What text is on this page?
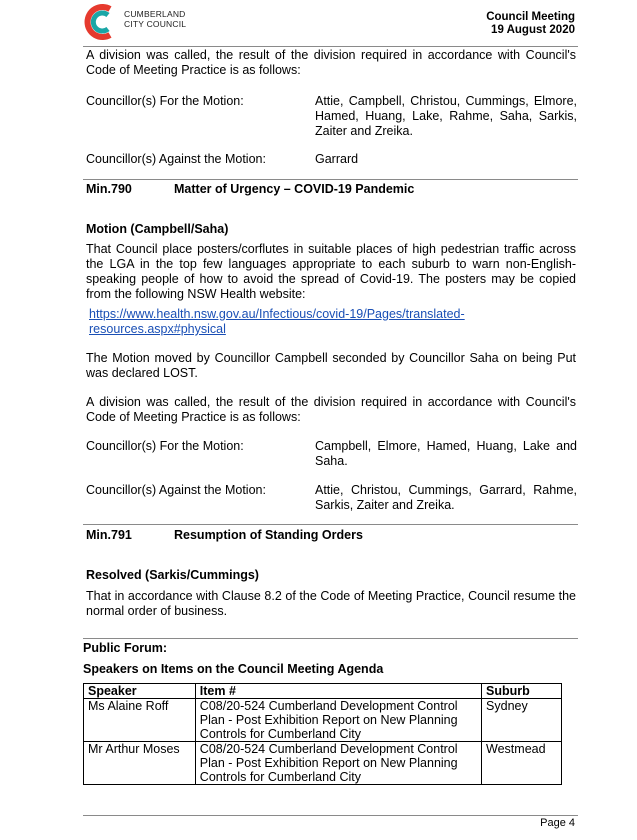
CUMBERLAND
CITY COUNCIL
Council Meeting
19 August 2020

A division was called, the result of the division required in accordance with Council's Code of Meeting Practice is as follows:

Councillor(s) For the Motion:	Attie, Campbell, Christou, Cummings, Elmore, Hamed, Huang, Lake, Rahme, Saha, Sarkis, Zaiter and Zreika.

Councillor(s) Against the Motion:	Garrard
Min.790	Matter of Urgency – COVID-19 Pandemic
Motion (Campbell/Saha)

That Council place posters/corflutes in suitable places of high pedestrian traffic across the LGA in the top few languages appropriate to each suburb to warn non-English-speaking people of how to avoid the spread of Covid-19. The posters may be copied from the following NSW Health website:

https://www.health.nsw.gov.au/Infectious/covid-19/Pages/translated-
resources.aspx#physical

The Motion moved by Councillor Campbell seconded by Councillor Saha on being Put was declared LOST.

A division was called, the result of the division required in accordance with Council's Code of Meeting Practice is as follows:

Councillor(s) For the Motion:	Campbell, Elmore, Hamed, Huang, Lake and Saha.

Councillor(s) Against the Motion:	Attie, Christou, Cummings, Garrard, Rahme, Sarkis, Zaiter and Zreika.

Min.791	Resumption of Standing Orders
Resolved (Sarkis/Cummings)

That in accordance with Clause 8.2 of the Code of Meeting Practice, Council resume the normal order of business.

Public Forum:
Speakers on Items on the Council Meeting Agenda
Speaker	Item #	Suburb
Ms Alaine Roff	C08/20-524 Cumberland Development Control Plan - Post Exhibition Report on New Planning Controls for Cumberland City	Sydney
Mr Arthur Moses	C08/20-524 Cumberland Development Control Plan - Post Exhibition Report on New Planning Controls for Cumberland City	Westmead
Page 4
